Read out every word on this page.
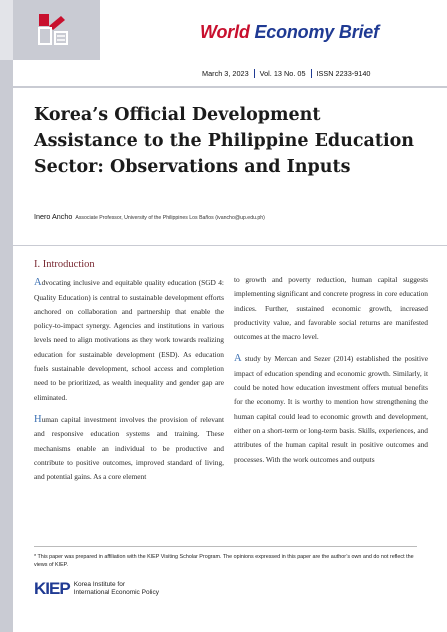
World Economy Brief
March 3, 2023	Vol. 13 No. 05	ISSN 2233-9140
Korea’s Official Development Assistance to the Philippine Education Sector: Observations and Inputs
Inero Ancho Associate Professor, University of the Philippines Los Baños (ivancho@up.edu.ph)
I. Introduction

Advocating inclusive and equitable quality education (SGD 4: Quality Education) is central to sustainable development efforts anchored on collaboration and partnership that enable the policy-to-impact synergy. Agencies and institutions in various levels need to align motivations as they work towards realizing education for sustainable development (ESD). As education fuels sustainable development, school access and completion need to be prioritized, as wealth inequality and gender gap are eliminated.

Human capital investment involves the provision of relevant and responsive education systems and training. These mechanisms enable an individual to be productive and contribute to positive outcomes, improved standard of living, and potential gains. As a core element

to growth and poverty reduction, human capital suggests implementing significant and concrete progress in core education indices. Further, sustained economic growth, increased productivity value, and favorable social returns are manifested outcomes at the macro level.

A study by Mercan and Sezer (2014) established the positive impact of education spending and economic growth. Similarly, it could be noted how education investment offers mutual benefits for the economy. It is worthy to mention how strengthening the human capital could lead to economic growth and development, either on a short-term or long-term basis. Skills, experiences, and attributes of the human capital result in positive outcomes and processes. With the work outcomes and outputs

* This paper was prepared in affiliation with the KIEP Visiting Scholar Program. The opinions expressed in this paper are the author’s own and do not reflect the views of KIEP.
KIEP Korea Institute for
International Economic Policy
